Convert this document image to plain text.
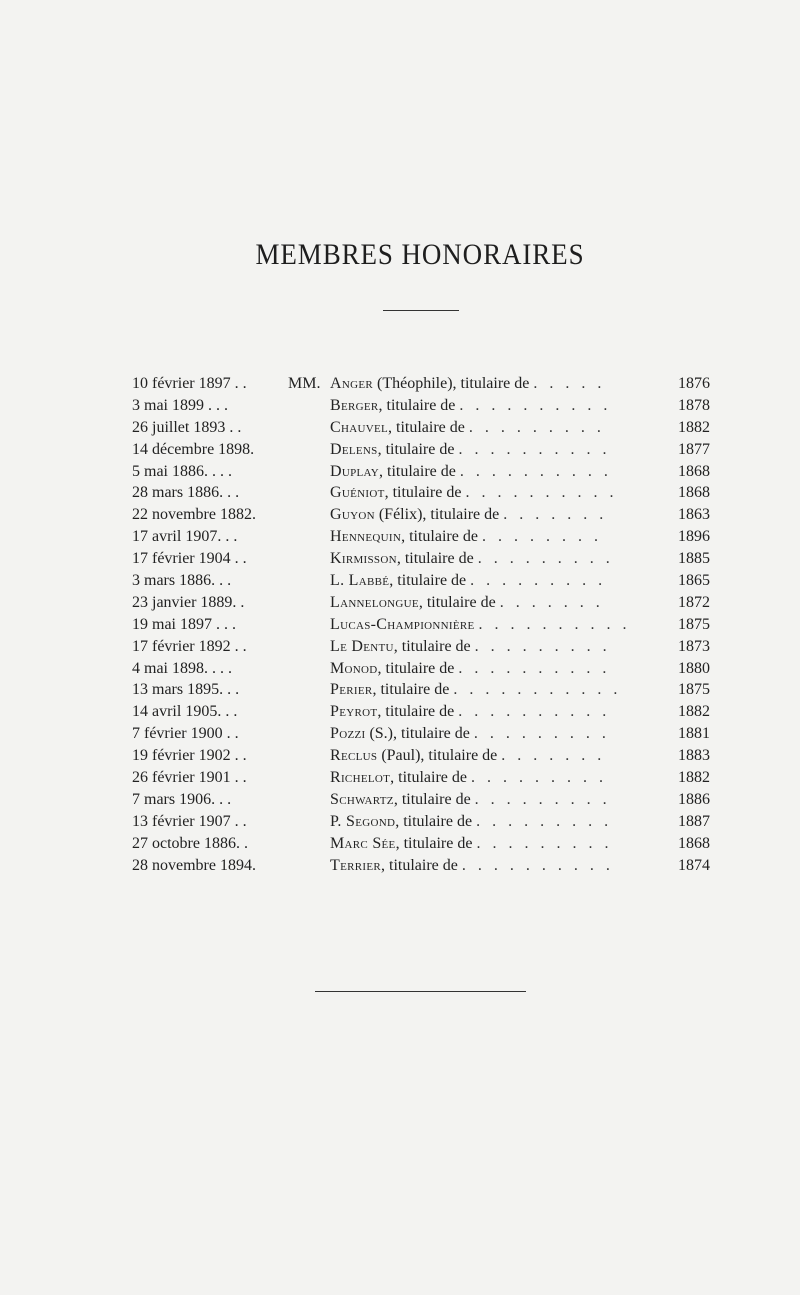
MEMBRES HONORAIRES
10 février 1897 . .	MM. Anger (Théophile), titulaire de . . . . .	1876
3 mai 1899 . . .	Berger, titulaire de . . . . . . . . . .	1878
26 juillet 1893 . .	Chauvel, titulaire de . . . . . . . . .	1882
14 décembre 1898.	Delens, titulaire de . . . . . . . . . .	1877
5 mai 1886. . . .	Duplay, titulaire de . . . . . . . . . .	1868
28 mars 1886. . .	Guéniot, titulaire de . . . . . . . . . .	1868
22 novembre 1882.	Guyon (Félix), titulaire de . . . . . . .	1863
17 avril 1907. . .	Hennequin, titulaire de . . . . . . . .	1896
17 février 1904 . .	Kirmisson, titulaire de . . . . . . . . .	1885
3 mars 1886. . .	L. Labbé, titulaire de . . . . . . . . .	1865
23 janvier 1889. .	Lannelongue, titulaire de . . . . . . .	1872
19 mai 1897 . . .	Lucas-Championnière . . . . . . . . . .	1875
17 février 1892 . .	Le Dentu, titulaire de . . . . . . . . .	1873
4 mai 1898. . . .	Monod, titulaire de . . . . . . . . . .	1880
13 mars 1895. . .	Perier, titulaire de . . . . . . . . . . .	1875
14 avril 1905. . .	Peyrot, titulaire de . . . . . . . . . .	1882
7 février 1900 . .	Pozzi (S.), titulaire de . . . . . . . . .	1881
19 février 1902 . .	Reclus (Paul), titulaire de . . . . . . .	1883
26 février 1901 . .	Richelot, titulaire de . . . . . . . . .	1882
7 mars 1906. . .	Schwartz, titulaire de . . . . . . . . .	1886
13 février 1907 . .	P. Segond, titulaire de . . . . . . . . .	1887
27 octobre 1886. .	Marc Sée, titulaire de . . . . . . . . .	1868
28 novembre 1894.	Terrier, titulaire de . . . . . . . . . .	1874
